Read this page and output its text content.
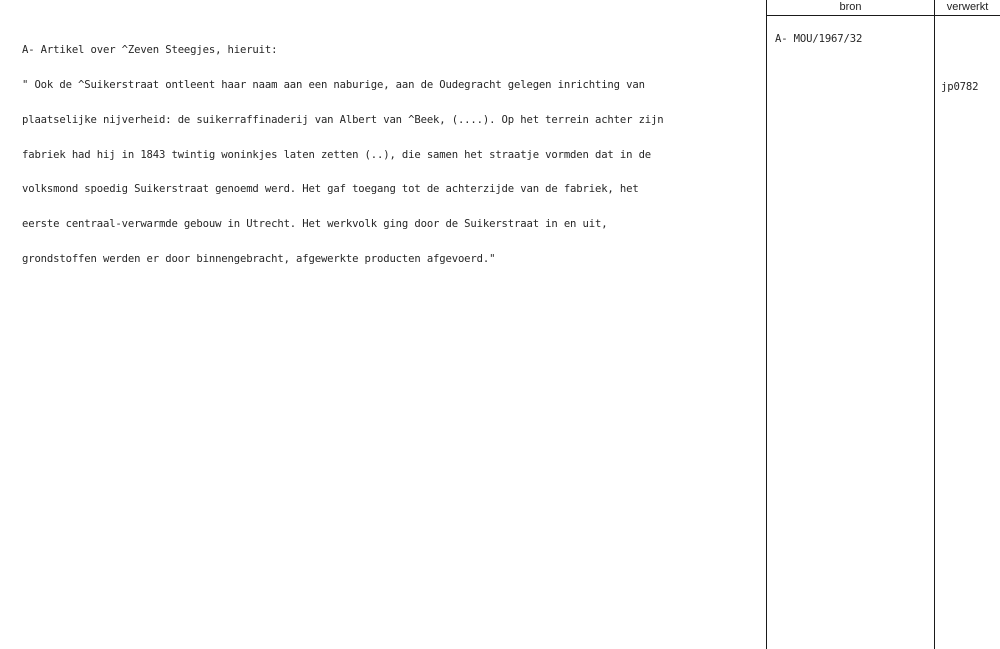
bron	verwerkt

A- Artikel over ^Zeven Steegjes, hieruit:

" Ook de ^Suikerstraat ontleent haar naam aan een naburige, aan de Oudegracht gelegen inrichting van

plaatselijke nijverheid: de suikerraffinaderij van Albert van ^Beek, (....). Op het terrein achter zijn

fabriek had hij in 1843 twintig woninkjes laten zetten (..), die samen het straatje vormden dat in de

volksmond spoedig Suikerstraat genoemd werd. Het gaf toegang tot de achterzijde van de fabriek, het

eerste centraal-verwarmde gebouw in Utrecht. Het werkvolk ging door de Suikerstraat in en uit,

grondstoffen werden er door binnengebracht, afgewerkte producten afgevoerd."

A- MOU/1967/32
jp0782
